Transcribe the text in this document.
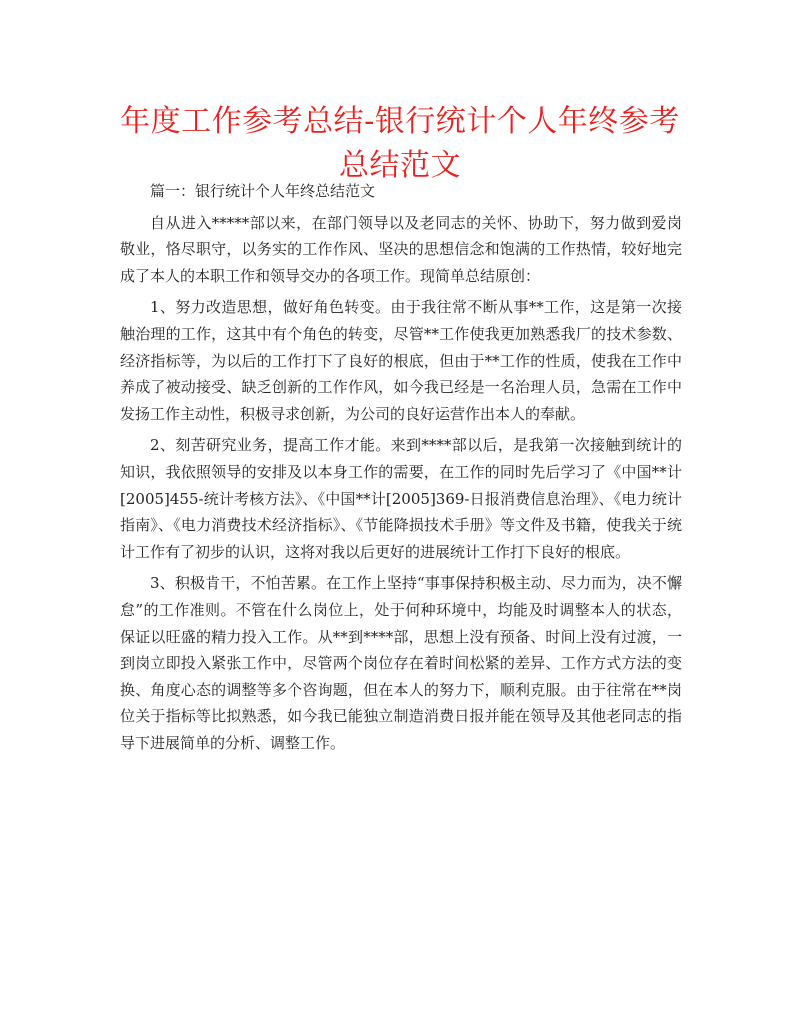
年度工作参考总结-银行统计个人年终参考总结范文

篇一：银行统计个人年终总结范文

自从进入*****部以来，在部门领导以及老同志的关怀、协助下，努力做到爱岗敬业，恪尽职守，以务实的工作作风、坚决的思想信念和饱满的工作热情，较好地完成了本人的本职工作和领导交办的各项工作。现简单总结原创：

1、努力改造思想，做好角色转变。由于我往常不断从事**工作，这是第一次接触治理的工作，这其中有个角色的转变，尽管**工作使我更加熟悉我厂的技术参数、经济指标等，为以后的工作打下了良好的根底，但由于**工作的性质，使我在工作中养成了被动接受、缺乏创新的工作作风，如今我已经是一名治理人员，急需在工作中发扬工作主动性，积极寻求创新，为公司的良好运营作出本人的奉献。

2、刻苦研究业务，提高工作才能。来到****部以后，是我第一次接触到统计的知识，我依照领导的安排及以本身工作的需要，在工作的同时先后学习了《中国**计[2005]455-统计考核方法》、《中国**计[2005]369-日报消费信息治理》、《电力统计指南》、《电力消费技术经济指标》、《节能降损技术手册》等文件及书籍，使我关于统计工作有了初步的认识，这将对我以后更好的进展统计工作打下良好的根底。

3、积极肯干，不怕苦累。在工作上坚持“事事保持积极主动、尽力而为，决不懈怠”的工作准则。不管在什么岗位上，处于何种环境中，均能及时调整本人的状态，保证以旺盛的精力投入工作。从**到****部，思想上没有预备、时间上没有过渡，一到岗立即投入紧张工作中，尽管两个岗位存在着时间松紧的差异、工作方式方法的变换、角度心态的调整等多个咨询题，但在本人的努力下，顺利克服。由于往常在**岗位关于指标等比拟熟悉，如今我已能独立制造消费日报并能在领导及其他老同志的指导下进展简单的分析、调整工作。
